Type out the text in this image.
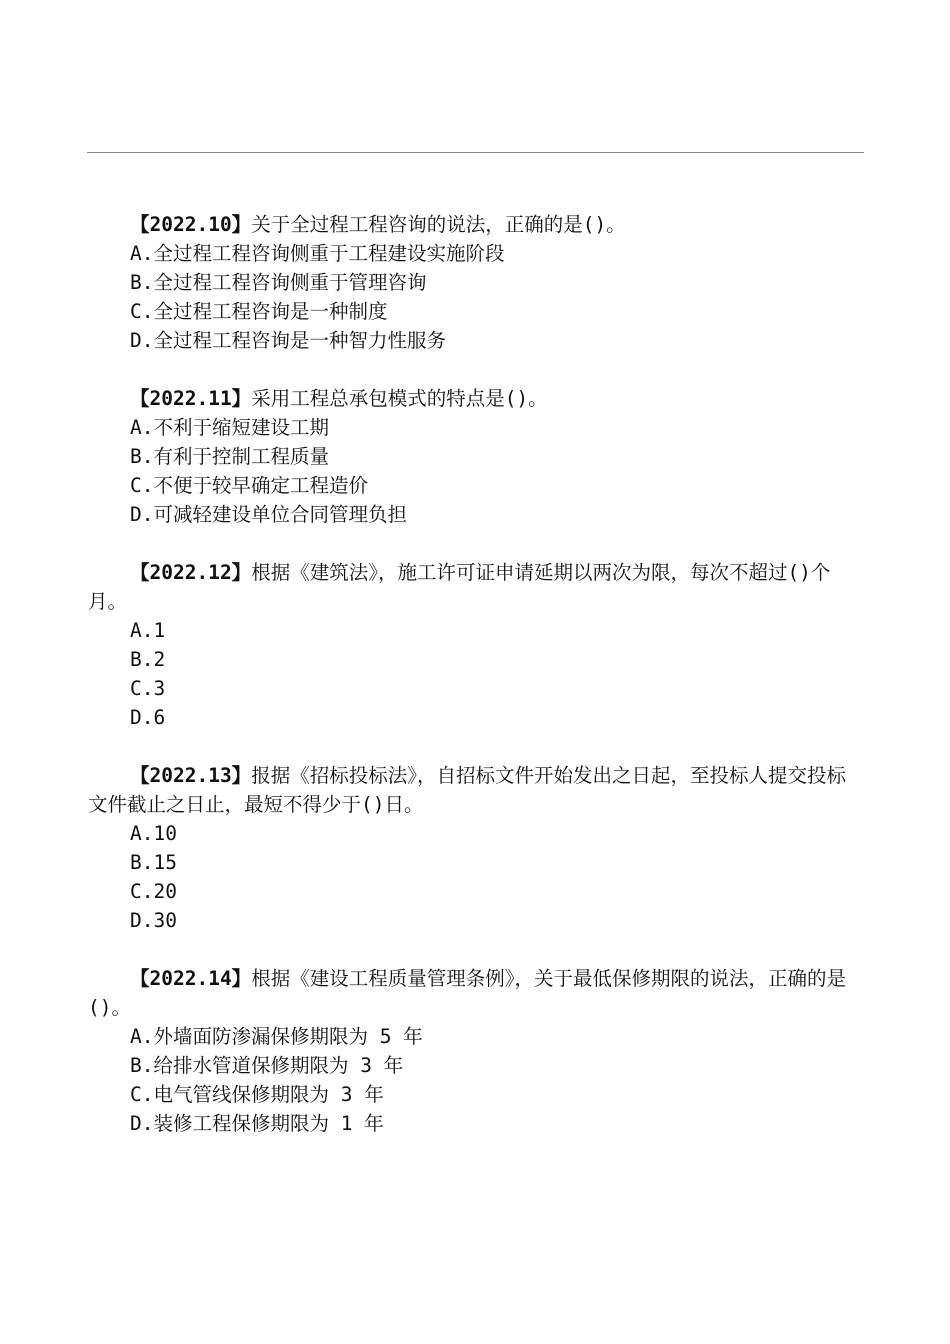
【2022.10】关于全过程工程咨询的说法，正确的是()。

A.全过程工程咨询侧重于工程建设实施阶段

B.全过程工程咨询侧重于管理咨询

C.全过程工程咨询是一种制度

D.全过程工程咨询是一种智力性服务

【2022.11】采用工程总承包模式的特点是()。

A.不利于缩短建设工期

B.有利于控制工程质量

C.不便于较早确定工程造价

D.可减轻建设单位合同管理负担

【2022.12】根据《建筑法》，施工许可证申请延期以两次为限，每次不超过()个月。

A.1

B.2

C.3

D.6

【2022.13】报据《招标投标法》，自招标文件开始发出之日起，至投标人提交投标文件截止之日止，最短不得少于()日。

A.10

B.15

C.20

D.30

【2022.14】根据《建设工程质量管理条例》，关于最低保修期限的说法，正确的是()。

A.外墙面防渗漏保修期限为 5 年

B.给排水管道保修期限为 3 年

C.电气管线保修期限为 3 年

D.装修工程保修期限为 1 年
